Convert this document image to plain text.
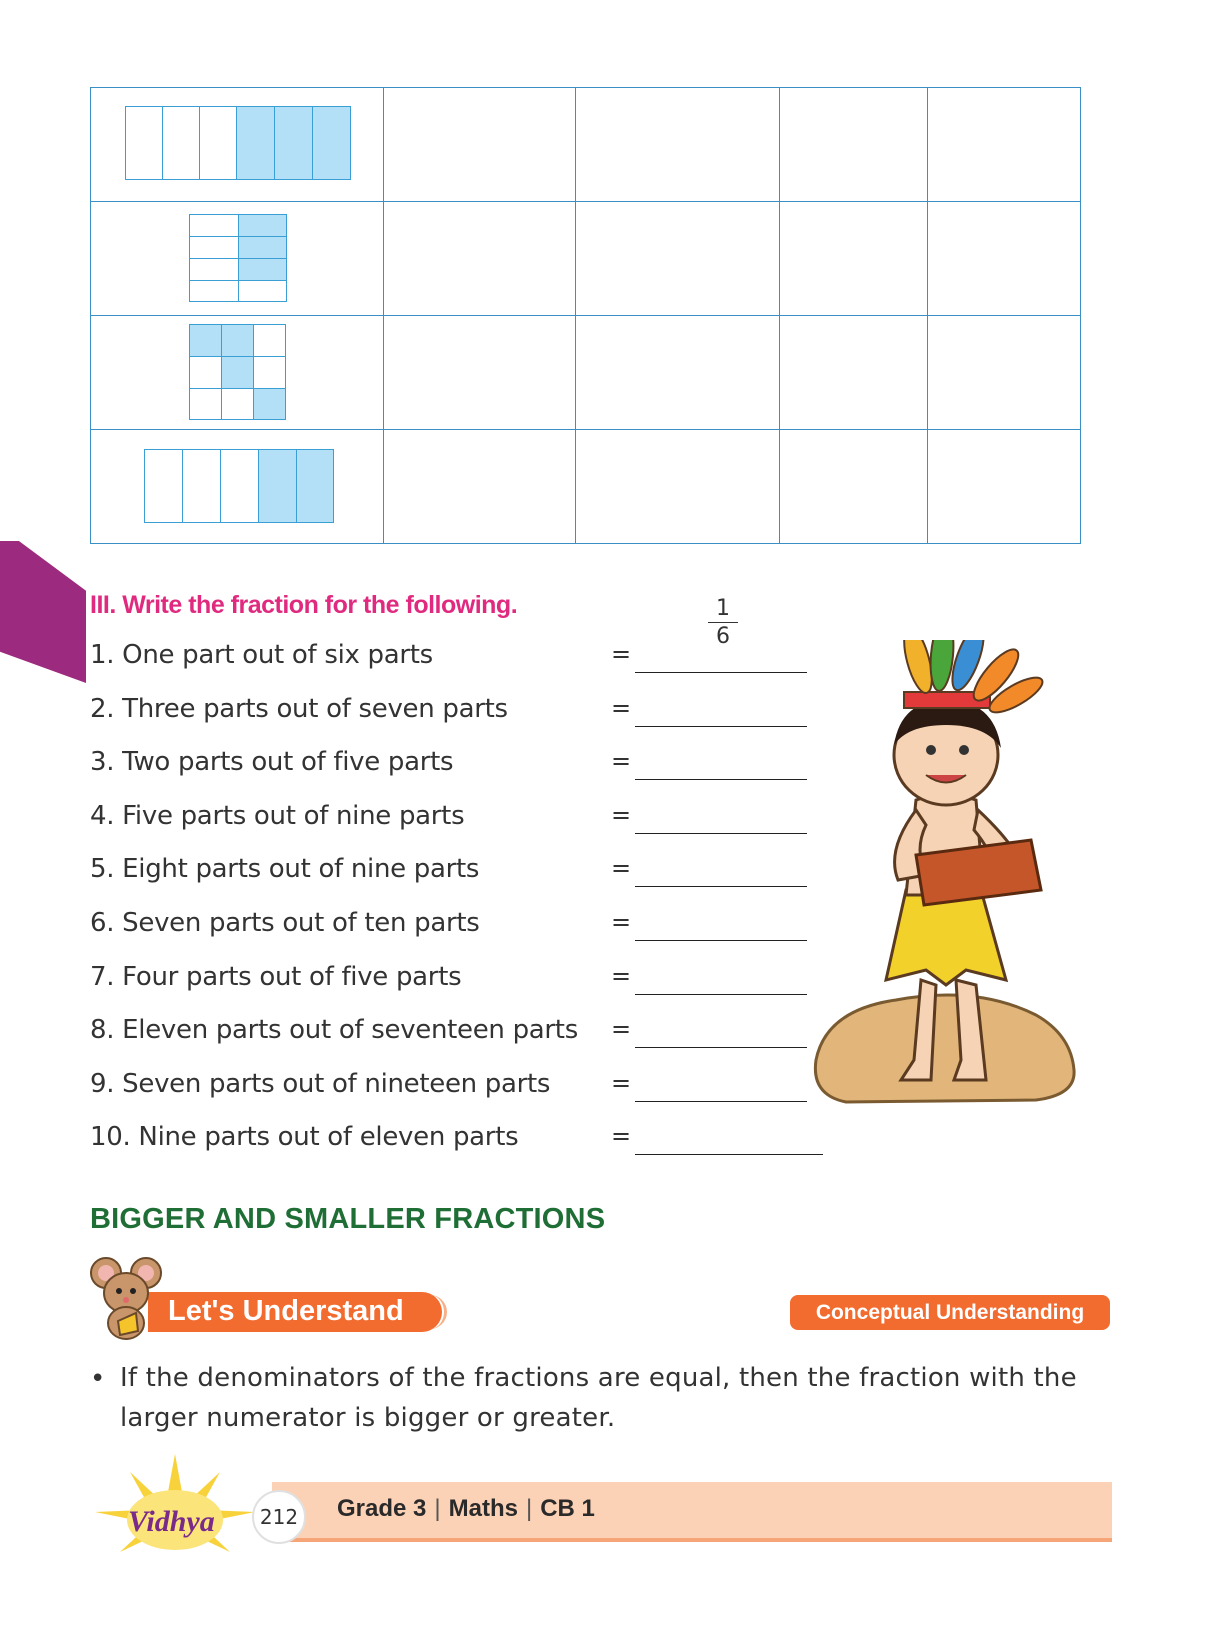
III. Write the fraction for the following.	$\frac{1}{6}$
1. One part out of six parts	=
2. Three parts out of seven parts	=
3. Two parts out of five parts	=
4. Five parts out of nine parts	=
5. Eight parts out of nine parts	=
6. Seven parts out of ten parts	=
7. Four parts out of five parts	=
8. Eleven parts out of seventeen parts =
9. Seven parts out of nineteen parts	=
10. Nine parts out of eleven parts	=
BIGGER AND SMALLER FRACTIONS
Let's Understand	Conceptual Understanding
• If the denominators of the fractions are equal, then the fraction with the larger numerator is bigger or greater.
Vidhya	212	Grade 3 | Maths | CB 1
